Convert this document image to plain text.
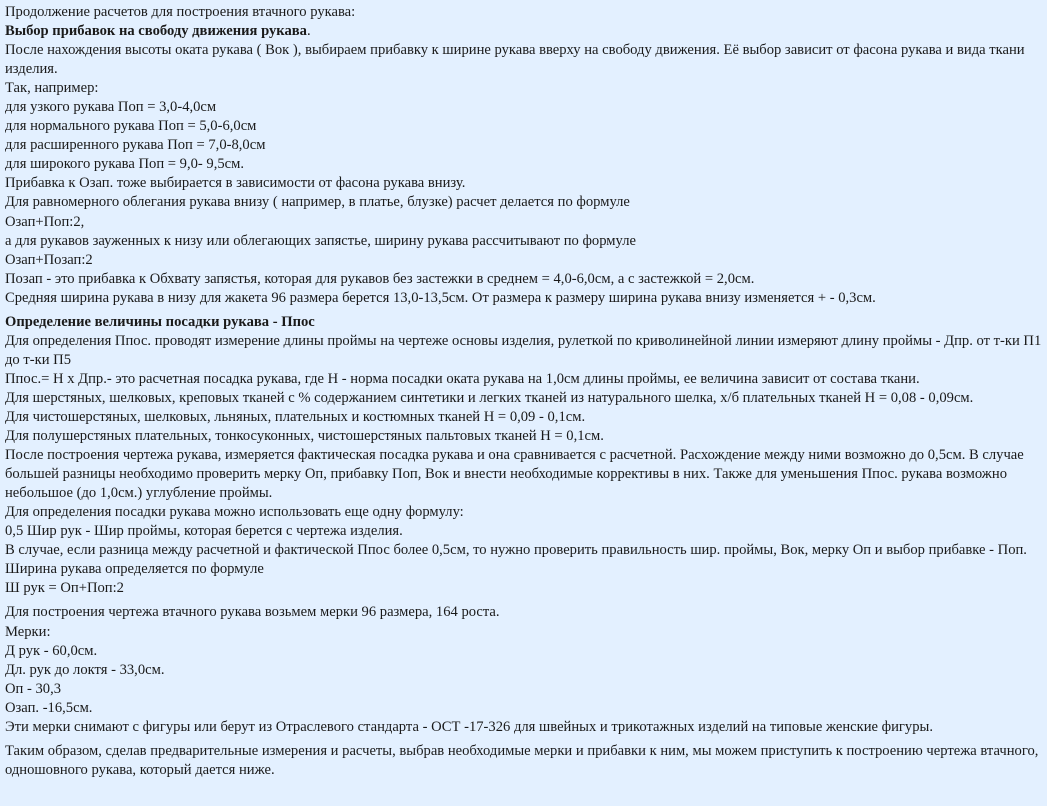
Продолжение расчетов для построения втачного рукава:
Выбор прибавок на свободу движения рукава.
После нахождения высоты оката рукава ( Вок ), выбираем прибавку к ширине рукава вверху на свободу движения. Её выбор зависит от фасона рукава и вида ткани изделия.
Так, например:
для узкого рукава Поп = 3,0-4,0см
для нормального рукава Поп = 5,0-6,0см
для расширенного рукава Поп = 7,0-8,0см
для широкого рукава Поп = 9,0- 9,5см.
Прибавка к Озап. тоже выбирается в зависимости от фасона рукава внизу.
Для равномерного облегания рукава внизу ( например, в платье, блузке) расчет делается по формуле
Озап+Поп:2,
а для рукавов зауженных к низу или облегающих запястье, ширину рукава рассчитывают по формуле
Озап+Позап:2
Позап - это прибавка к Обхвату запястья, которая для рукавов без застежки в среднем = 4,0-6,0см, а с застежкой = 2,0см.
Средняя ширина рукава в низу для жакета 96 размера берется 13,0-13,5см. От размера к размеру ширина рукава внизу изменяется + - 0,3см.
Определение величины посадки рукава - Ппос
Для определения Ппос. проводят измерение длины проймы на чертеже основы изделия, рулеткой по криволинейной линии измеряют длину проймы - Дпр. от т-ки П1 до т-ки П5
Ппос.= Н х Дпр.- это расчетная посадка рукава, где Н - норма посадки оката рукава на 1,0см длины проймы, ее величина зависит от состава ткани.
Для шерстяных, шелковых, креповых тканей с % содержанием синтетики и легких тканей из натурального шелка, х/б плательных тканей Н = 0,08 - 0,09см.
Для чистошерстяных, шелковых, льняных, плательных и костюмных тканей Н = 0,09 - 0,1см.
Для полушерстяных плательных, тонкосуконных, чистошерстяных пальтовых тканей Н = 0,1см.
После построения чертежа рукава, измеряется фактическая посадка рукава и она сравнивается с расчетной. Расхождение между ними возможно до 0,5см. В случае большей разницы необходимо проверить мерку Оп, прибавку Поп, Вок и внести необходимые коррективы в них. Также для уменьшения Ппос. рукава возможно небольшое (до 1,0см.) углубление проймы.
Для определения посадки рукава можно использовать еще одну формулу:
0,5 Шир рук - Шир проймы, которая берется с чертежа изделия.
В случае, если разница между расчетной и фактической Ппос более 0,5см, то нужно проверить правильность шир. проймы, Вок, мерку Оп и выбор прибавке - Поп.
Ширина рукава определяется по формуле
Ш рук = Оп+Поп:2
Для построения чертежа втачного рукава возьмем мерки 96 размера, 164 роста.
Мерки:
Д рук - 60,0см.
Дл. рук до локтя - 33,0см.
Оп - 30,3
Озап. -16,5см.
Эти мерки снимают с фигуры или берут из Отраслевого стандарта - ОСТ -17-326 для швейных и трикотажных изделий на типовые женские фигуры.
Таким образом, сделав предварительные измерения и расчеты, выбрав необходимые мерки и прибавки к ним, мы можем приступить к построению чертежа втачного, одношовного рукава, который дается ниже.
